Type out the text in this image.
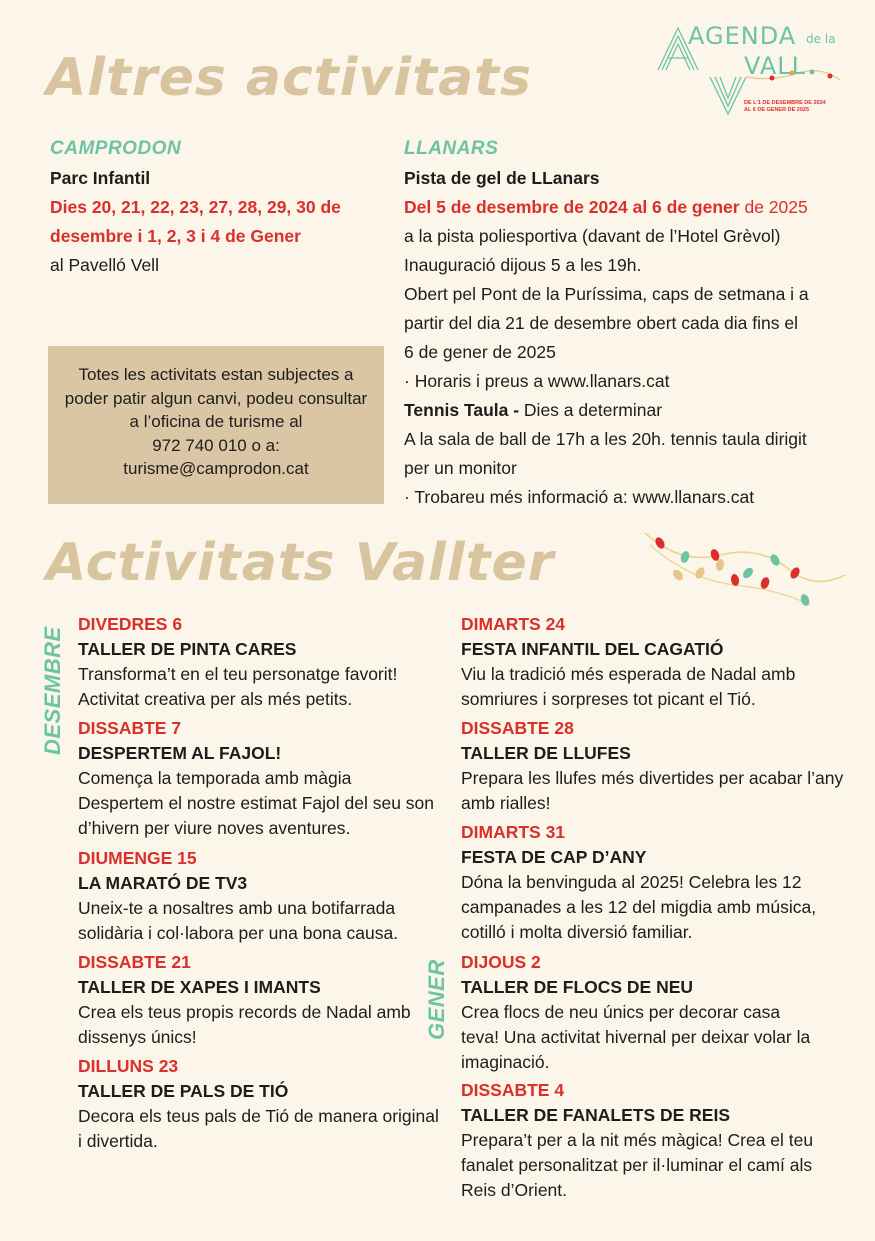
AGENDA de la
VALL
DE L'1 DE DESEMBRE DE 2024
AL 6 DE GENER DE 2025
Altres activitats
CAMPRODON

Parc Infantil

Dies 20, 21, 22, 23, 27, 28, 29, 30 de

desembre i 1, 2, 3 i 4 de Gener

al Pavelló Vell

Totes les activitats estan subjectes a
poder patir algun canvi, podeu consultar
a l’oficina de turisme al
972 740 010 o a:
turisme@camprodon.cat
LLANARS

Pista de gel de LLanars

Del 5 de desembre de 2024 al 6 de gener de 2025

a la pista poliesportiva (davant de l’Hotel Grèvol)

Inauguració dijous 5 a les 19h.

Obert pel Pont de la Puríssima, caps de setmana i a

partir del dia 21 de desembre obert cada dia fins el

6 de gener de 2025

· Horaris i preus a www.llanars.cat

Tennis Taula - Dies a determinar

A la sala de ball de 17h a les 20h. tennis taula dirigit

per un monitor

· Trobareu més informació a: www.llanars.cat

Activitats Vallter
DESEMBRE
GENER
DIVEDRES 6
TALLER DE PINTA CARES
Transforma’t en el teu personatge favorit!
Activitat creativa per als més petits.
DISSABTE 7
DESPERTEM AL FAJOL!
Comença la temporada amb màgia
Despertem el nostre estimat Fajol del seu son
d’hivern per viure noves aventures.
DIUMENGE 15
LA MARATÓ DE TV3
Uneix-te a nosaltres amb una botifarrada
solidària i col·labora per una bona causa.
DISSABTE 21
TALLER DE XAPES I IMANTS
Crea els teus propis records de Nadal amb
dissenys únics!
DILLUNS 23
TALLER DE PALS DE TIÓ
Decora els teus pals de Tió de manera original
i divertida.
DIMARTS 24
FESTA INFANTIL DEL CAGATIÓ
Viu la tradició més esperada de Nadal amb
somriures i sorpreses tot picant el Tió.
DISSABTE 28
TALLER DE LLUFES
Prepara les llufes més divertides per acabar l’any
amb rialles!
DIMARTS 31
FESTA DE CAP D’ANY
Dóna la benvinguda al 2025! Celebra les 12
campanades a les 12 del migdia amb música,
cotilló i molta diversió familiar.
DIJOUS 2
TALLER DE FLOCS DE NEU
Crea flocs de neu únics per decorar casa
teva! Una activitat hivernal per deixar volar la
imaginació.
DISSABTE 4
TALLER DE FANALETS DE REIS
Prepara’t per a la nit més màgica! Crea el teu
fanalet personalitzat per il·luminar el camí als
Reis d’Orient.
